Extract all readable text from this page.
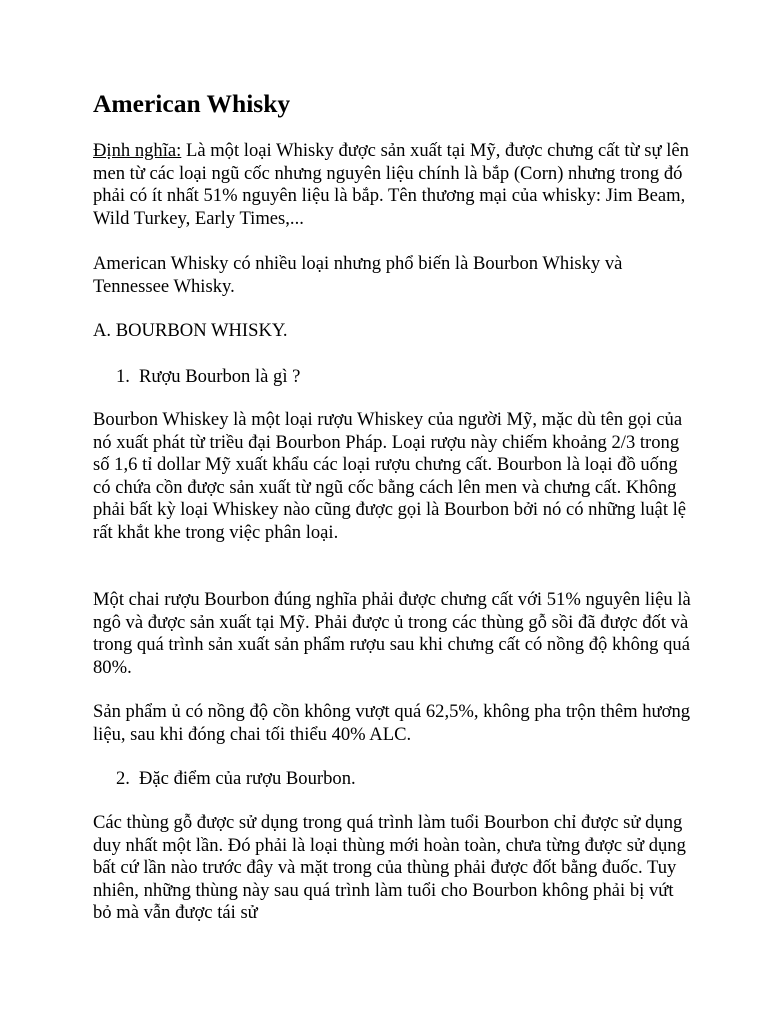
American Whisky

Định nghĩa: Là một loại Whisky được sản xuất tại Mỹ, được chưng cất từ sự lên men từ các loại ngũ cốc nhưng nguyên liệu chính là bắp (Corn) nhưng trong đó phải có ít nhất 51% nguyên liệu là bắp. Tên thương mại của whisky: Jim Beam, Wild Turkey, Early Times,...

American Whisky có nhiều loại nhưng phổ biến là Bourbon Whisky và Tennessee Whisky.

A. BOURBON WHISKY.

1. Rượu Bourbon là gì ?

Bourbon Whiskey là một loại rượu Whiskey của người Mỹ, mặc dù tên gọi của nó xuất phát từ triều đại Bourbon Pháp. Loại rượu này chiếm khoảng 2/3 trong số 1,6 tỉ dollar Mỹ xuất khẩu các loại rượu chưng cất. Bourbon là loại đồ uống có chứa cồn được sản xuất từ ngũ cốc bằng cách lên men và chưng cất. Không phải bất kỳ loại Whiskey nào cũng được gọi là Bourbon bởi nó có những luật lệ rất khắt khe trong việc phân loại.

Một chai rượu Bourbon đúng nghĩa phải được chưng cất với 51% nguyên liệu là ngô và được sản xuất tại Mỹ. Phải được ủ trong các thùng gỗ sồi đã được đốt và trong quá trình sản xuất sản phẩm rượu sau khi chưng cất có nồng độ không quá 80%.

Sản phẩm ủ có nồng độ cồn không vượt quá 62,5%, không pha trộn thêm hương liệu, sau khi đóng chai tối thiểu 40% ALC.

2. Đặc điểm của rượu Bourbon.

Các thùng gỗ được sử dụng trong quá trình làm tuổi Bourbon chỉ được sử dụng duy nhất một lần. Đó phải là loại thùng mới hoàn toàn, chưa từng được sử dụng bất cứ lần nào trước đây và mặt trong của thùng phải được đốt bằng đuốc. Tuy nhiên, những thùng này sau quá trình làm tuổi cho Bourbon không phải bị vứt bỏ mà vẫn được tái sử
